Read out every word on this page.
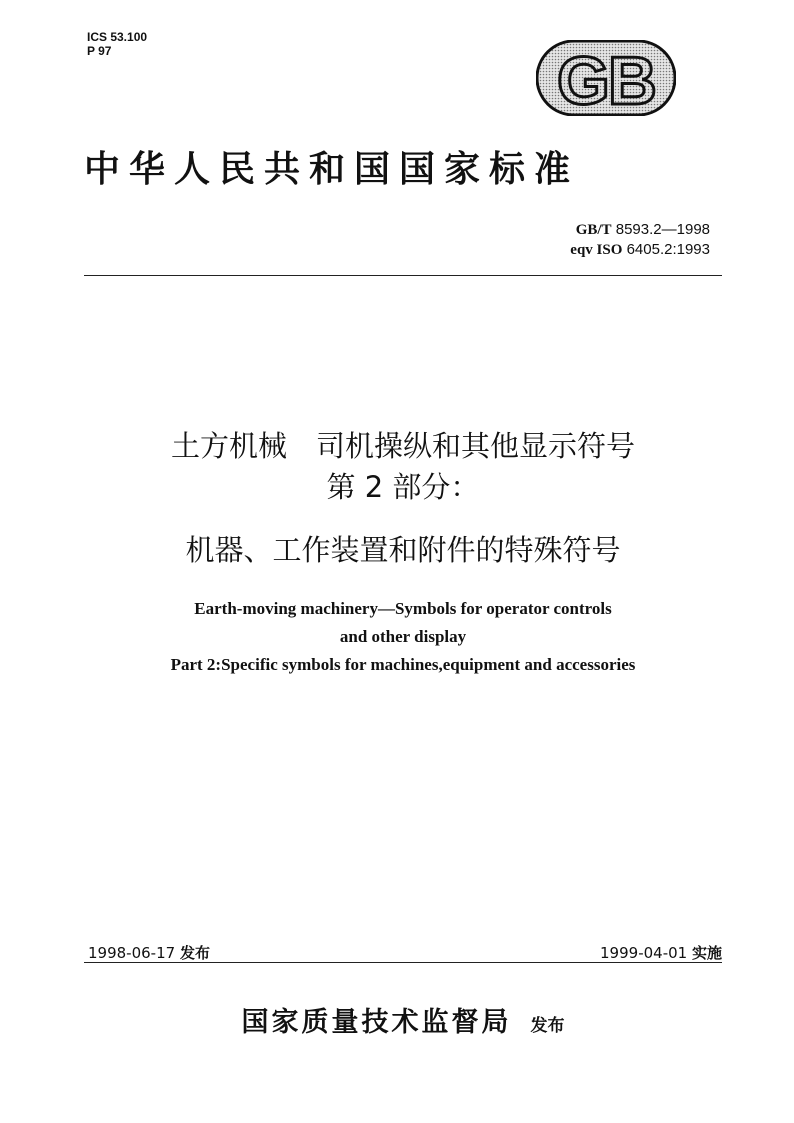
ICS 53.100
P 97	GB
中华人民共和国国家标准
GB/T 8593.2—1998
eqv ISO 6405.2:1993
土方机械　司机操纵和其他显示符号
第 2 部分：
机器、工作装置和附件的特殊符号
Earth-moving machinery—Symbols for operator controls
and other display
Part 2:Specific symbols for machines,equipment and accessories
1998-06-17 发布	1999-04-01 实施
国家质量技术监督局 发布
